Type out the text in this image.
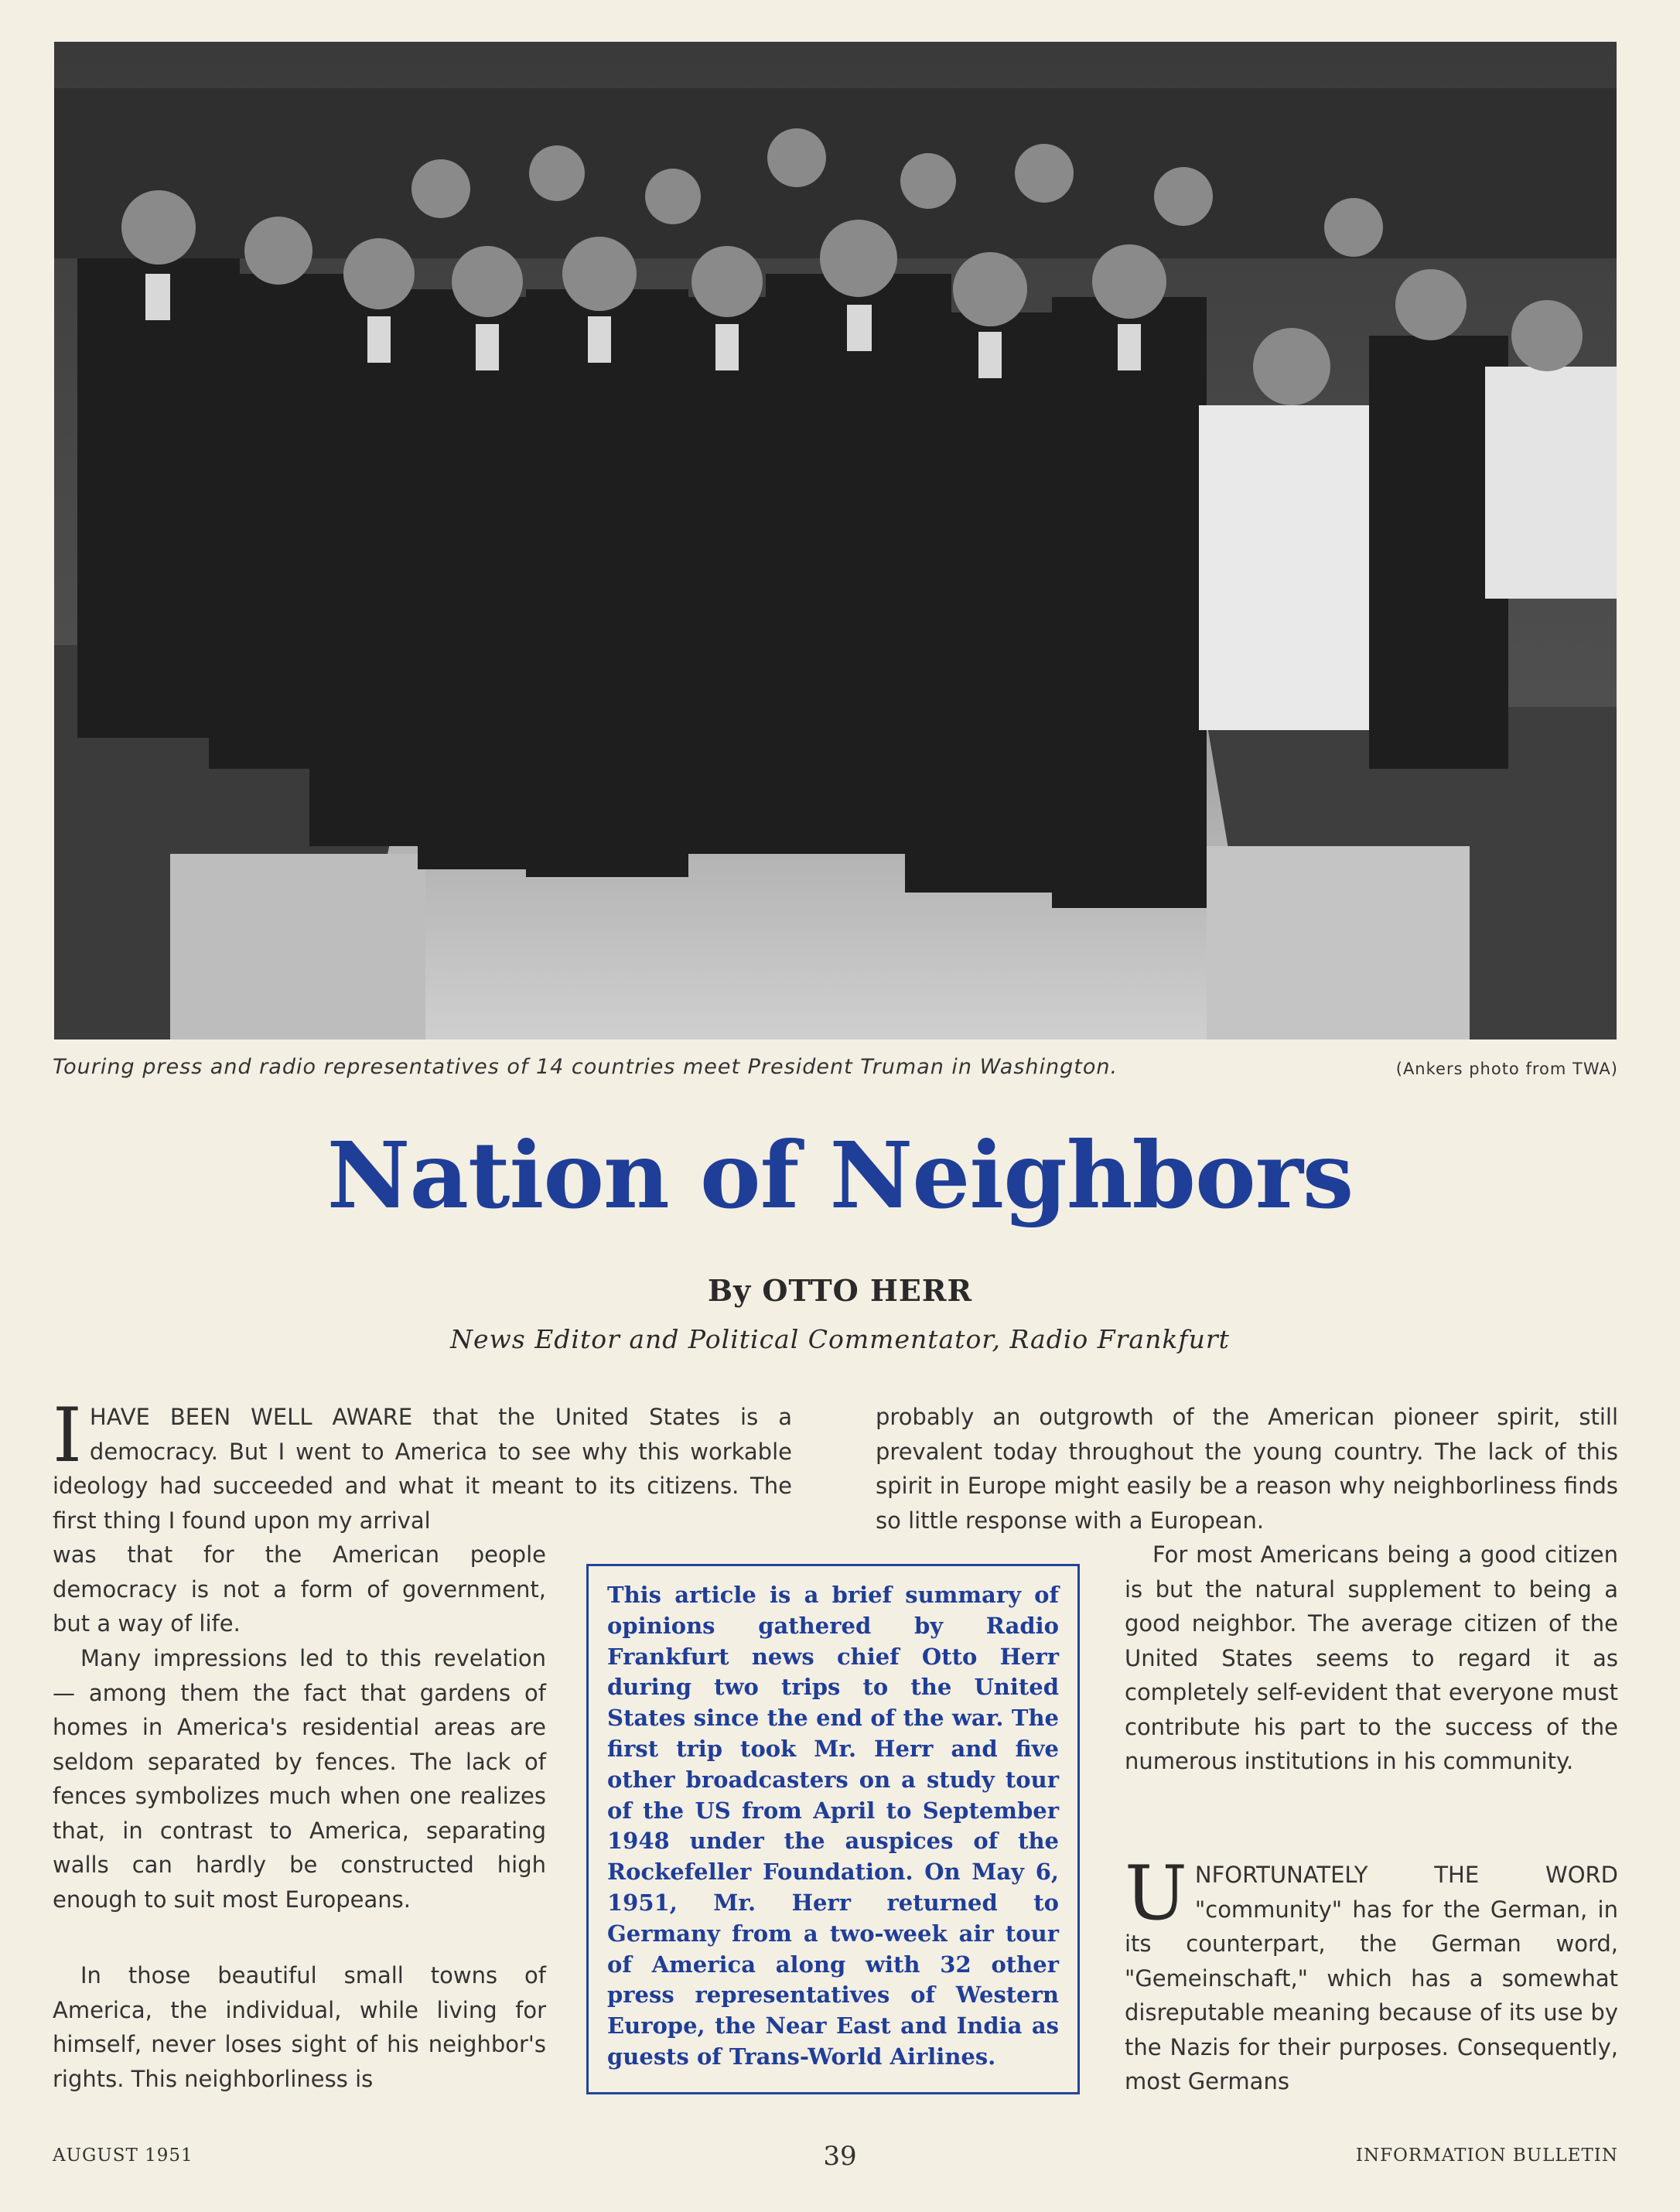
Touring press and radio representatives of 14 countries meet President Truman in Washington.	(Ankers photo from TWA)
Nation of Neighbors
By OTTO HERR
News Editor and Political Commentator, Radio Frankfurt
IHAVE BEEN WELL AWARE that the United States is a democracy. But I went to America to see why this workable ideology had succeeded and what it meant to its citizens. The first thing I found upon my arrival
was that for the American people democracy is not a form of government, but a way of life.
Many impressions led to this revelation — among them the fact that gardens of homes in America's residential areas are seldom separated by fences. The lack of fences symbolizes much when one realizes that, in contrast to America, separating walls can hardly be constructed high enough to suit most Europeans.
In those beautiful small towns of America, the individual, while living for himself, never loses sight of his neighbor's rights. This neighborliness is
probably an outgrowth of the American pioneer spirit, still prevalent today throughout the young country. The lack of this spirit in Europe might easily be a reason why neighborliness finds so little response with a European.
For most Americans being a good citizen is but the natural supplement to being a good neighbor. The average citizen of the United States seems to regard it as completely self-evident that everyone must contribute his part to the success of the numerous institutions in his community.
UNFORTUNATELY THE WORD "community" has for the German, in its counterpart, the German word, "Gemeinschaft," which has a somewhat disreputable meaning because of its use by the Nazis for their purposes. Consequently, most Germans
This article is a brief summary of opinions gathered by Radio Frankfurt news chief Otto Herr during two trips to the United States since the end of the war. The first trip took Mr. Herr and five other broadcasters on a study tour of the US from April to September 1948 under the auspices of the Rockefeller Foundation. On May 6, 1951, Mr. Herr returned to Germany from a two-week air tour of America along with 32 other press representatives of Western Europe, the Near East and India as guests of Trans-World Airlines.
AUGUST 1951	39	INFORMATION BULLETIN
